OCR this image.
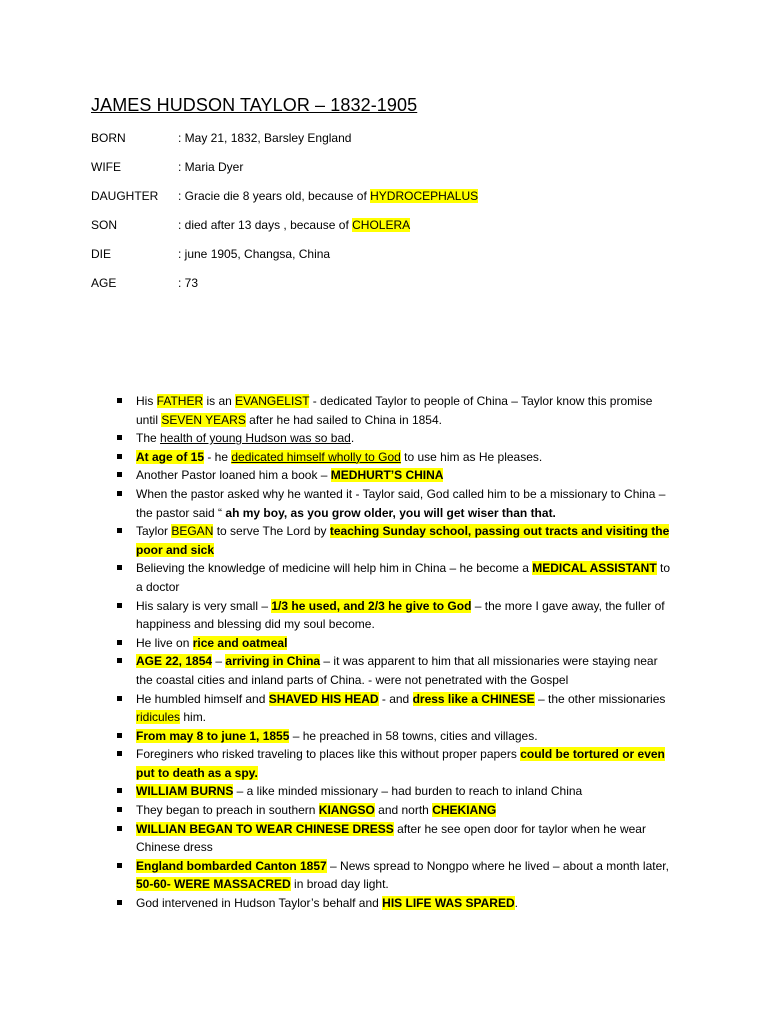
JAMES HUDSON TAYLOR – 1832-1905
BORN	: May 21, 1832, Barsley England
WIFE	: Maria Dyer
DAUGHTER : Gracie die 8 years old, because of HYDROCEPHALUS
SON	: died after 13 days , because of CHOLERA
DIE	: june 1905, Changsa, China
AGE	: 73
His FATHER is an EVANGELIST - dedicated Taylor to people of China – Taylor know this promise until SEVEN YEARS after he had sailed to China in 1854.
The health of young Hudson was so bad.
At age of 15 - he dedicated himself wholly to God to use him as He pleases.
Another Pastor loaned him a book – MEDHURT’S CHINA
When the pastor asked why he wanted it - Taylor said, God called him to be a missionary to China – the pastor said “ ah my boy, as you grow older, you will get wiser than that.
Taylor BEGAN to serve The Lord by teaching Sunday school, passing out tracts and visiting the poor and sick
Believing the knowledge of medicine will help him in China – he become a MEDICAL ASSISTANT to a doctor
His salary is very small – 1/3 he used, and 2/3 he give to God – the more I gave away, the fuller of happiness and blessing did my soul become.
He live on rice and oatmeal
AGE 22, 1854 – arriving in China – it was apparent to him that all missionaries were staying near the coastal cities and inland parts of China. - were not penetrated with the Gospel
He humbled himself and SHAVED HIS HEAD - and dress like a CHINESE – the other missionaries ridicules him.
From may 8 to june 1, 1855 – he preached in 58 towns, cities and villages.
Foreginers who risked traveling to places like this without proper papers could be tortured or even put to death as a spy.
WILLIAM BURNS – a like minded missionary – had burden to reach to inland China
They began to preach in southern KIANGSO and north CHEKIANG
WILLIAN BEGAN TO WEAR CHINESE DRESS after he see open door for taylor when he wear Chinese dress
England bombarded Canton 1857 – News spread to Nongpo where he lived – about a month later, 50-60- WERE MASSACRED in broad day light.
God intervened in Hudson Taylor’s behalf and HIS LIFE WAS SPARED.
